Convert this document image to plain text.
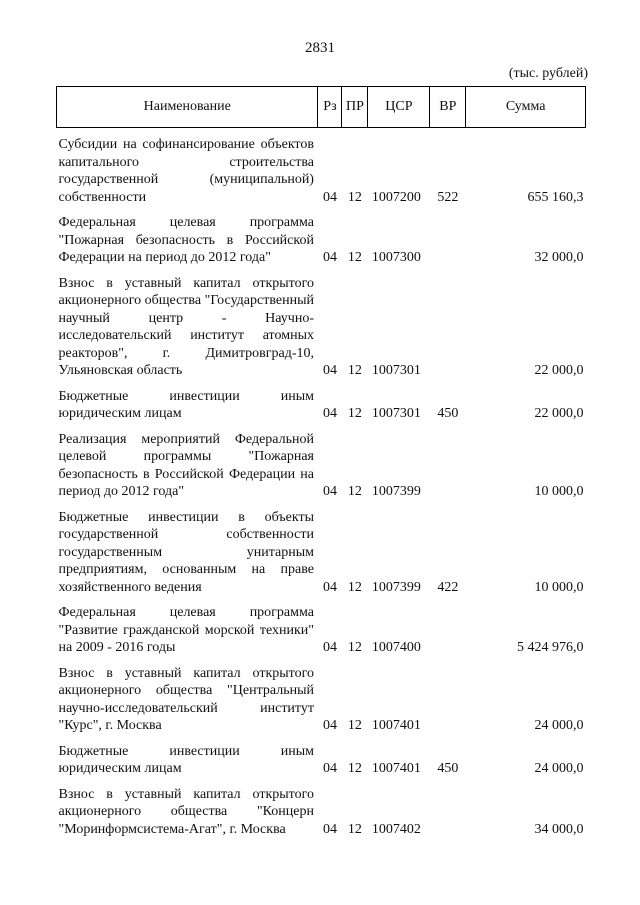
2831
(тыс. рублей)
Наименование	Рз	ПР	ЦСР	ВР	Сумма
Субсидии на софинансирование объектов капитального строительства государственной (муниципальной) собственности	04	12	1007200	522	655 160,3
Федеральная целевая программа "Пожарная безопасность в Российской Федерации на период до 2012 года"	04	12	1007300		32 000,0
Взнос в уставный капитал открытого акционерного общества "Государственный научный центр - Научно-исследовательский институт атомных реакторов", г. Димитровград-10, Ульяновская область	04	12	1007301		22 000,0
Бюджетные инвестиции иным юридическим лицам	04	12	1007301	450	22 000,0
Реализация мероприятий Федеральной целевой программы "Пожарная безопасность в Российской Федерации на период до 2012 года"	04	12	1007399		10 000,0
Бюджетные инвестиции в объекты государственной собственности государственным унитарным предприятиям, основанным на праве хозяйственного ведения	04	12	1007399	422	10 000,0
Федеральная целевая программа "Развитие гражданской морской техники" на 2009 - 2016 годы	04	12	1007400		5 424 976,0
Взнос в уставный капитал открытого акционерного общества "Центральный научно-исследовательский институт "Курс", г. Москва	04	12	1007401		24 000,0
Бюджетные инвестиции иным юридическим лицам	04	12	1007401	450	24 000,0
Взнос в уставный капитал открытого акционерного общества "Концерн "Моринформсистема-Агат", г. Москва	04	12	1007402		34 000,0
